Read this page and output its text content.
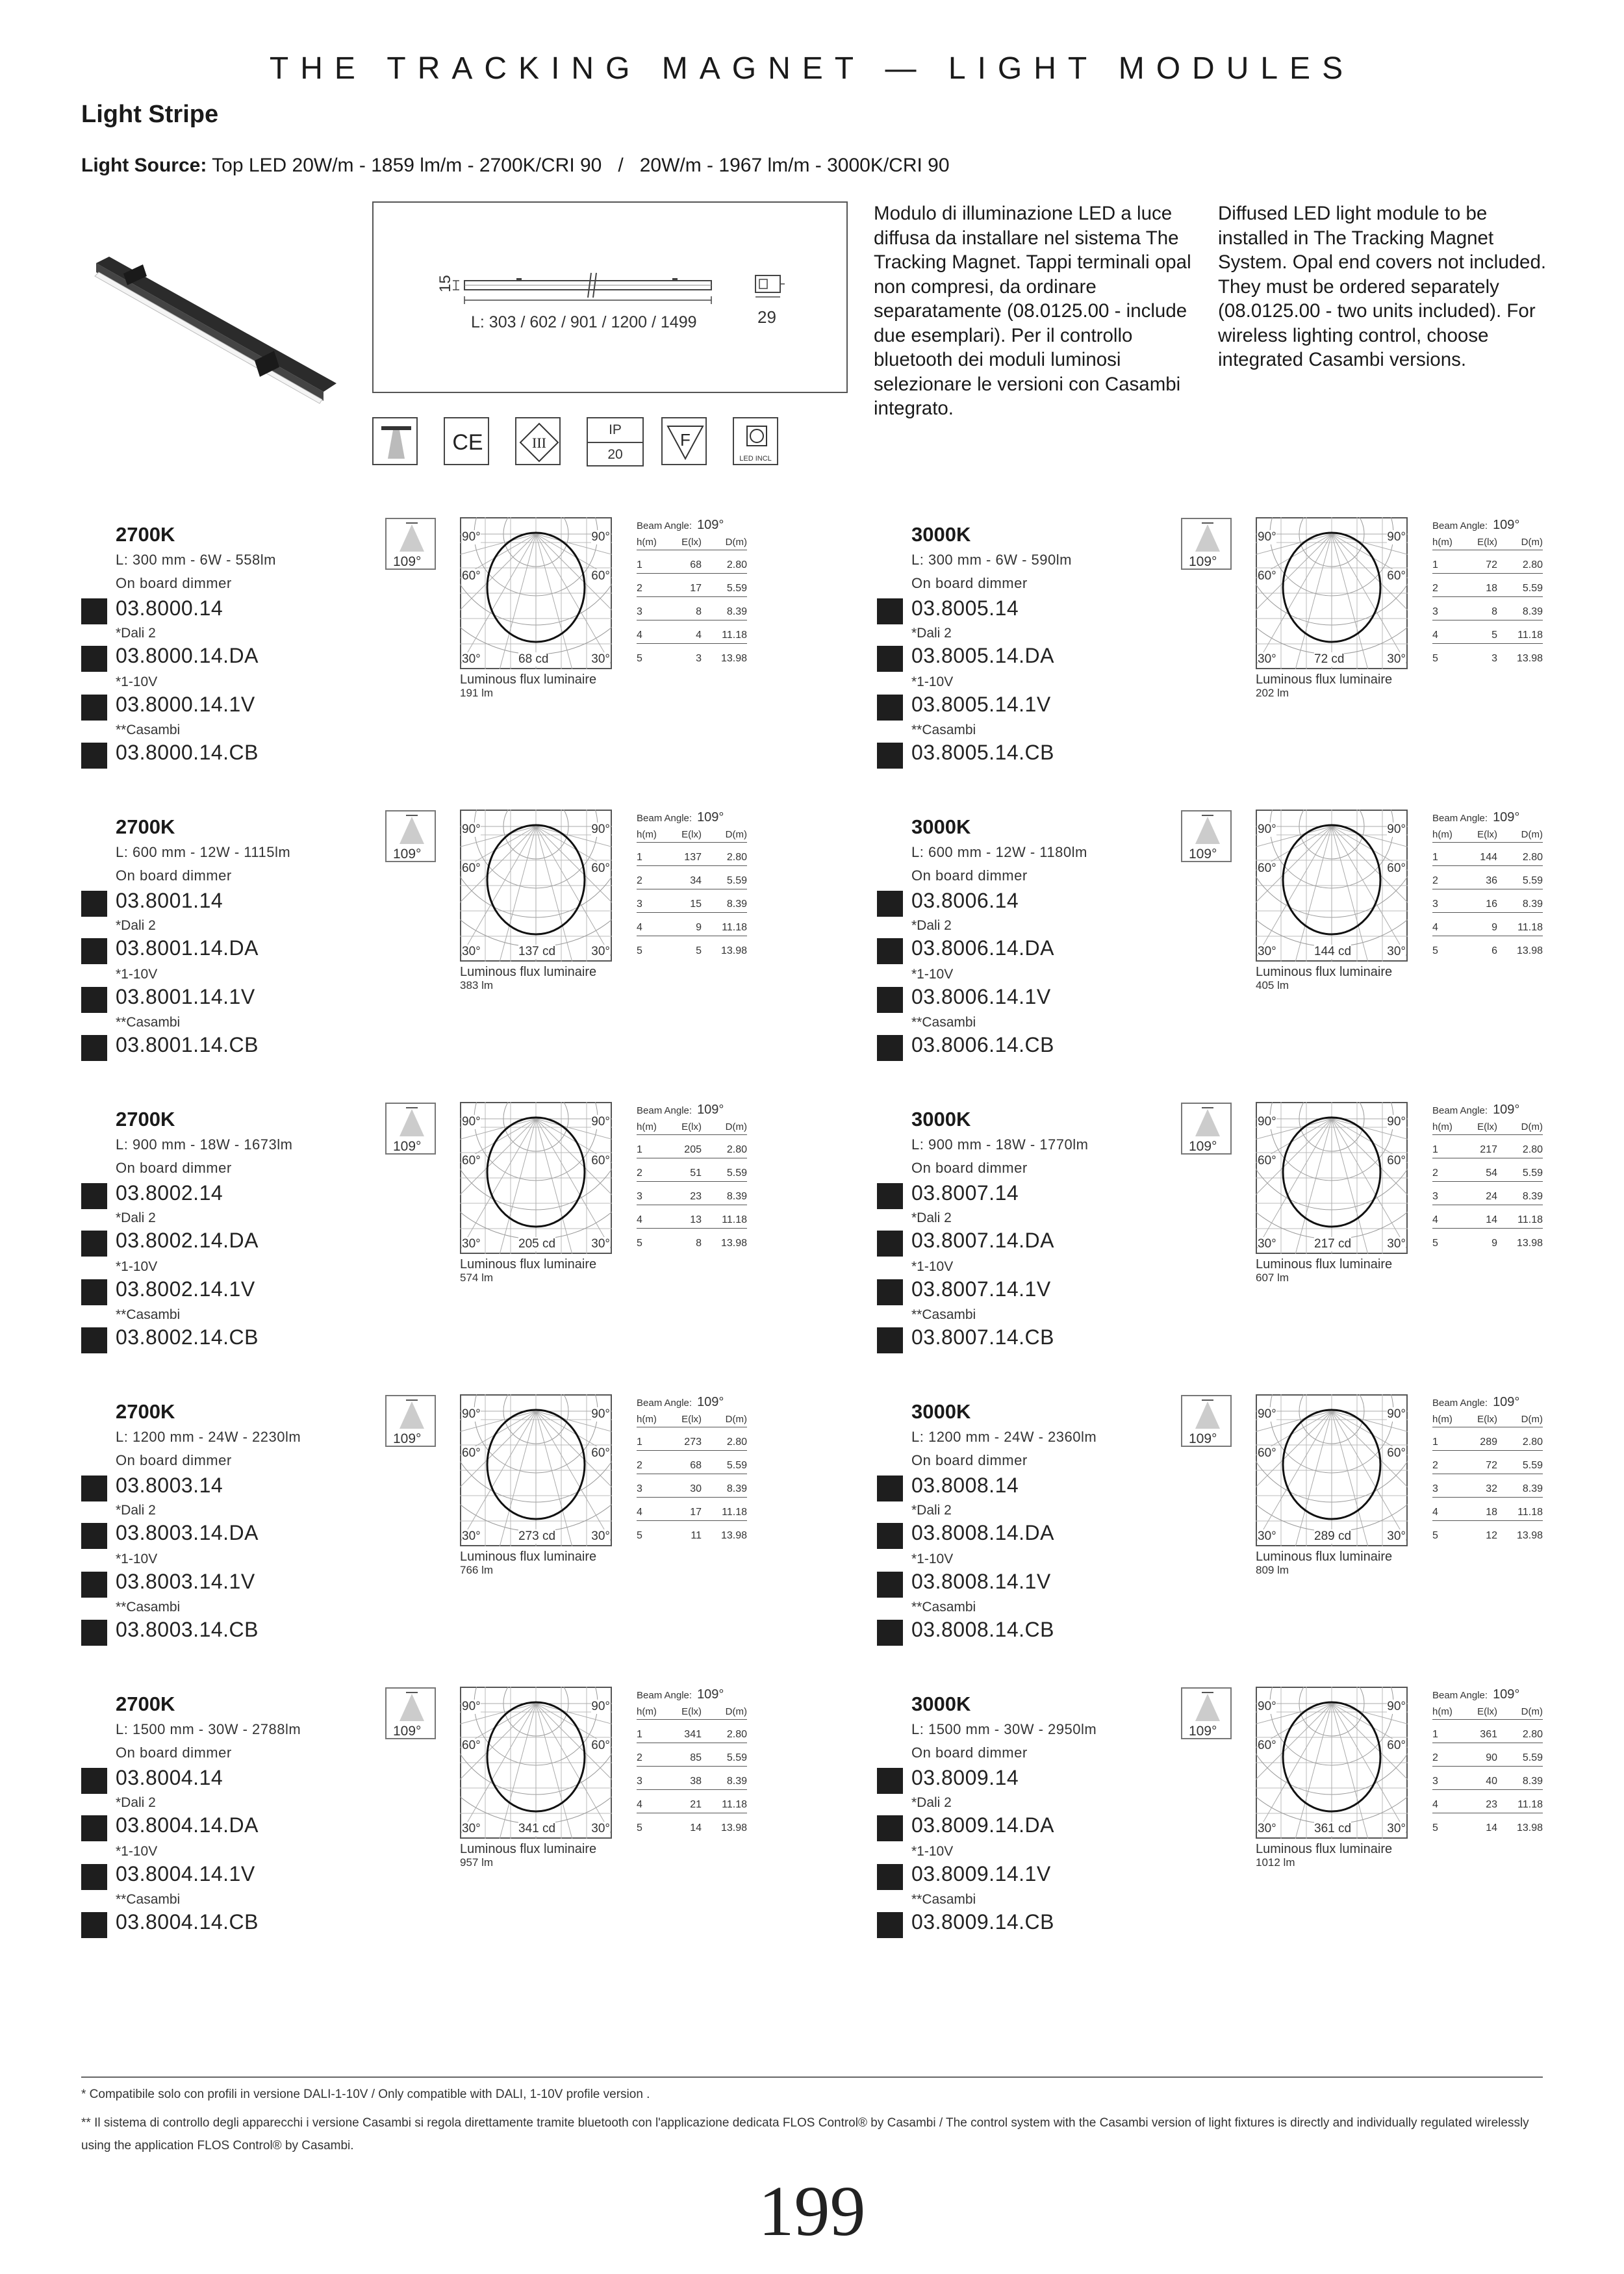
THE TRACKING MAGNET — LIGHT MODULES
Light Stripe
Light Source: Top LED 20W/m - 1859 lm/m - 2700K/CRI 90   /   20W/m - 1967 lm/m - 3000K/CRI 90
L: 303 / 602 / 901 / 1200 / 1499	29
15
Modulo di illuminazione LED a luce diffusa da installare nel sistema The Tracking Magnet. Tappi terminali opal non compresi, da ordinare separatamente (08.0125.00 - include due esemplari). Per il controllo bluetooth dei moduli luminosi selezionare le versioni con Casambi integrato.
Diffused LED light module to be installed in The Tracking Magnet System. Opal end covers not included. They must be ordered separately (08.0125.00 - two units included). For wireless lighting control, choose integrated Casambi versions.
CE	III
IP
20
F
LED INCL
2700K
L: 300 mm - 6W - 558lm
On board dimmer
03.8000.14
03.8000.14.DA
*Dali 2
03.8000.14.1V
*1-10V
03.8000.14.CB
**Casambi
109°
90°	90°
60°	60°
30°	30°
68 cd
Luminous flux luminaire
191 lm
Beam Angle: 109°
h(m)	E(lx) D(m)
1	68 2.80
2	17 5.59
3	8 8.39
4	4 11.18
5	3 13.98
3000K
L: 300 mm - 6W - 590lm
On board dimmer
03.8005.14
03.8005.14.DA
*Dali 2
03.8005.14.1V
*1-10V
03.8005.14.CB
**Casambi
109°
90°	90°
60°	60°
30°	30°
72 cd
Luminous flux luminaire
202 lm
Beam Angle: 109°
h(m)	E(lx) D(m)
1	72 2.80
2	18 5.59
3	8 8.39
4	5 11.18
5	3 13.98
2700K
L: 600 mm - 12W - 1115lm
On board dimmer
03.8001.14
03.8001.14.DA
*Dali 2
03.8001.14.1V
*1-10V
03.8001.14.CB
**Casambi
109°
90°	90°
60°	60°
30°	30°
137 cd
Luminous flux luminaire
383 lm
Beam Angle: 109°
h(m)	E(lx) D(m)
1	137 2.80
2	34 5.59
3	15 8.39
4	9 11.18
5	5 13.98
3000K
L: 600 mm - 12W - 1180lm
On board dimmer
03.8006.14
03.8006.14.DA
*Dali 2
03.8006.14.1V
*1-10V
03.8006.14.CB
**Casambi
109°
90°	90°
60°	60°
30°	30°
144 cd
Luminous flux luminaire
405 lm
Beam Angle: 109°
h(m)	E(lx) D(m)
1	144 2.80
2	36 5.59
3	16 8.39
4	9 11.18
5	6 13.98
2700K
L: 900 mm - 18W - 1673lm
On board dimmer
03.8002.14
03.8002.14.DA
*Dali 2
03.8002.14.1V
*1-10V
03.8002.14.CB
**Casambi
109°
90°	90°
60°	60°
30°	30°
205 cd
Luminous flux luminaire
574 lm
Beam Angle: 109°
h(m)	E(lx) D(m)
1	205 2.80
2	51 5.59
3	23 8.39
4	13 11.18
5	8 13.98
3000K
L: 900 mm - 18W - 1770lm
On board dimmer
03.8007.14
03.8007.14.DA
*Dali 2
03.8007.14.1V
*1-10V
03.8007.14.CB
**Casambi
109°
90°	90°
60°	60°
30°	30°
217 cd
Luminous flux luminaire
607 lm
Beam Angle: 109°
h(m)	E(lx) D(m)
1	217 2.80
2	54 5.59
3	24 8.39
4	14 11.18
5	9 13.98
2700K
L: 1200 mm - 24W - 2230lm
On board dimmer
03.8003.14
03.8003.14.DA
*Dali 2
03.8003.14.1V
*1-10V
03.8003.14.CB
**Casambi
109°
90°	90°
60°	60°
30°	30°
273 cd
Luminous flux luminaire
766 lm
Beam Angle: 109°
h(m)	E(lx) D(m)
1	273 2.80
2	68 5.59
3	30 8.39
4	17 11.18
5	11 13.98
3000K
L: 1200 mm - 24W - 2360lm
On board dimmer
03.8008.14
03.8008.14.DA
*Dali 2
03.8008.14.1V
*1-10V
03.8008.14.CB
**Casambi
109°
90°	90°
60°	60°
30°	30°
289 cd
Luminous flux luminaire
809 lm
Beam Angle: 109°
h(m)	E(lx) D(m)
1	289 2.80
2	72 5.59
3	32 8.39
4	18 11.18
5	12 13.98
2700K
L: 1500 mm - 30W - 2788lm
On board dimmer
03.8004.14
03.8004.14.DA
*Dali 2
03.8004.14.1V
*1-10V
03.8004.14.CB
**Casambi
109°
90°	90°
60°	60°
30°	30°
341 cd
Luminous flux luminaire
957 lm
Beam Angle: 109°
h(m)	E(lx) D(m)
1	341 2.80
2	85 5.59
3	38 8.39
4	21 11.18
5	14 13.98
3000K
L: 1500 mm - 30W - 2950lm
On board dimmer
03.8009.14
03.8009.14.DA
*Dali 2
03.8009.14.1V
*1-10V
03.8009.14.CB
**Casambi
109°
90°	90°
60°	60°
30°	30°
361 cd
Luminous flux luminaire
1012 lm
Beam Angle: 109°
h(m)	E(lx) D(m)
1	361 2.80
2	90 5.59
3	40 8.39
4	23 11.18
5	14 13.98
* Compatibile solo con profili in versione DALI-1-10V / Only compatible with DALI, 1-10V profile version .
** Il sistema di controllo degli apparecchi i versione Casambi si regola direttamente tramite bluetooth con l'applicazione dedicata FLOS Control® by Casambi / The control system with the Casambi version of light fixtures is directly and individually regulated wirelessly using the application FLOS Control® by Casambi.
199
